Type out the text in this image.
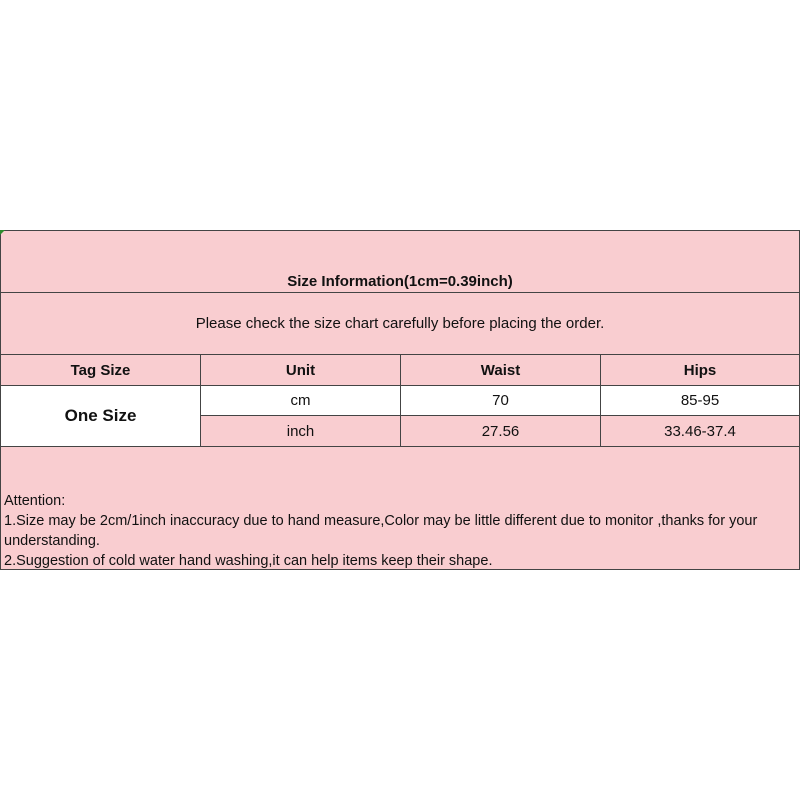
Size Information(1cm=0.39inch)
Please check the size chart carefully before placing the order.
Tag Size	Unit	Waist	Hips
One Size
cm	70	85-95
inch	27.56	33.46-37.4
Attention:
1.Size may be 2cm/1inch inaccuracy due to hand measure,Color may be little different due to monitor ,thanks for your understanding.
2.Suggestion of cold water hand washing,it can help items keep their shape.
